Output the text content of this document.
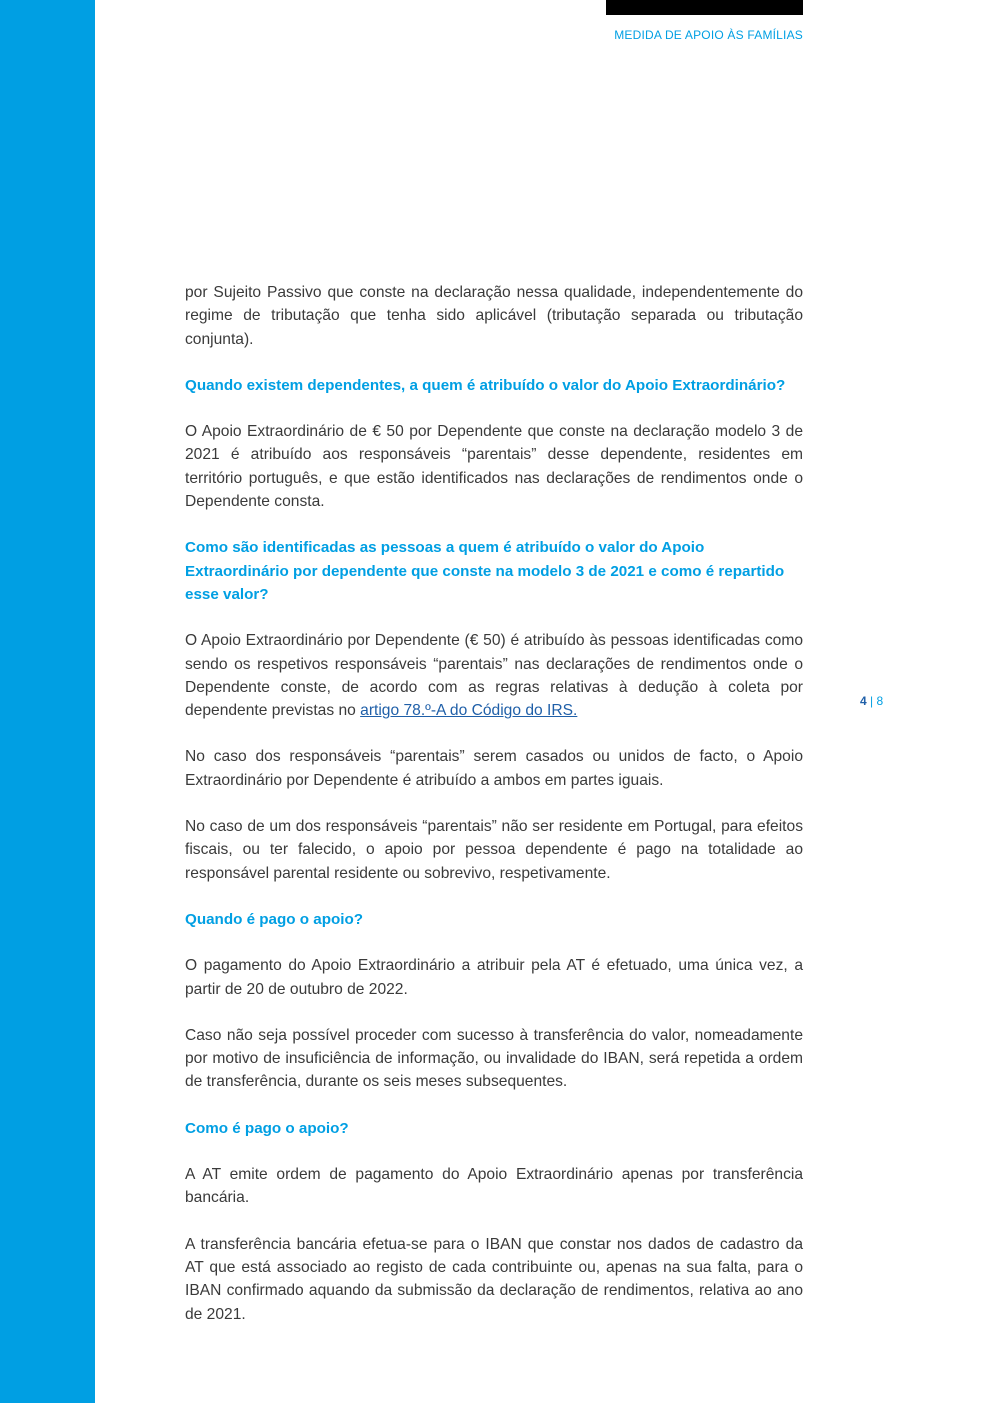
MEDIDA DE APOIO ÀS FAMÍLIAS
4 | 8

por Sujeito Passivo que conste na declaração nessa qualidade, independentemente do regime de tributação que tenha sido aplicável (tributação separada ou tributação conjunta).

Quando existem dependentes, a quem é atribuído o valor do Apoio Extraordinário?

O Apoio Extraordinário de € 50 por Dependente que conste na declaração modelo 3 de 2021 é atribuído aos responsáveis “parentais” desse dependente, residentes em território português, e que estão identificados nas declarações de rendimentos onde o Dependente consta.

Como são identificadas as pessoas a quem é atribuído o valor do Apoio Extraordinário por dependente que conste na modelo 3 de 2021 e como é repartido esse valor?

O Apoio Extraordinário por Dependente (€ 50) é atribuído às pessoas identificadas como sendo os respetivos responsáveis “parentais” nas declarações de rendimentos onde o Dependente conste, de acordo com as regras relativas à dedução à coleta por dependente previstas no artigo 78.º-A do Código do IRS.

No caso dos responsáveis “parentais” serem casados ou unidos de facto, o Apoio Extraordinário por Dependente é atribuído a ambos em partes iguais.

No caso de um dos responsáveis “parentais” não ser residente em Portugal, para efeitos fiscais, ou ter falecido, o apoio por pessoa dependente é pago na totalidade ao responsável parental residente ou sobrevivo, respetivamente.

Quando é pago o apoio?

O pagamento do Apoio Extraordinário a atribuir pela AT é efetuado, uma única vez, a partir de 20 de outubro de 2022.

Caso não seja possível proceder com sucesso à transferência do valor, nomeadamente por motivo de insuficiência de informação, ou invalidade do IBAN, será repetida a ordem de transferência, durante os seis meses subsequentes.

Como é pago o apoio?

A AT emite ordem de pagamento do Apoio Extraordinário apenas por transferência bancária.

A transferência bancária efetua-se para o IBAN que constar nos dados de cadastro da AT que está associado ao registo de cada contribuinte ou, apenas na sua falta, para o IBAN confirmado aquando da submissão da declaração de rendimentos, relativa ao ano de 2021.
